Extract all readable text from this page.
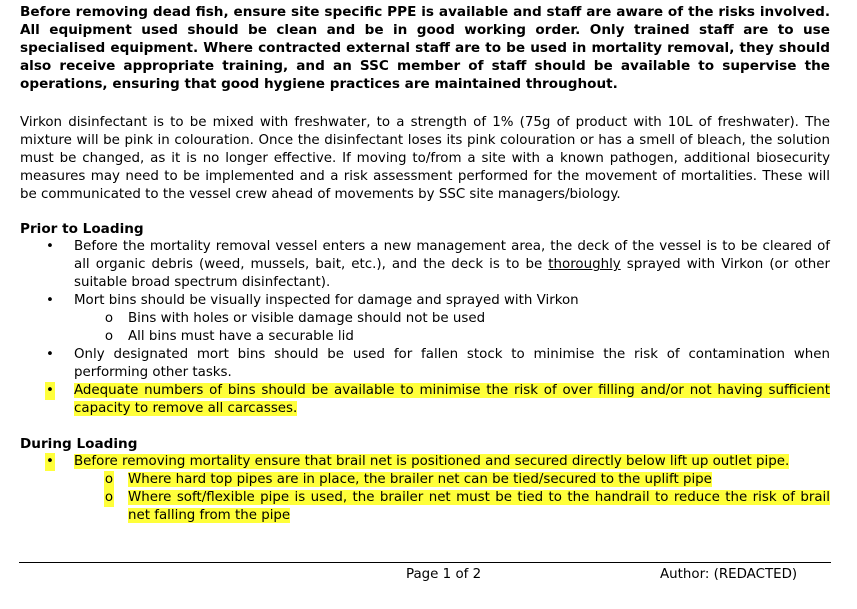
Before removing dead fish, ensure site specific PPE is available and staff are aware of the risks involved. All equipment used should be clean and be in good working order. Only trained staff are to use specialised equipment. Where contracted external staff are to be used in mortality removal, they should also receive appropriate training, and an SSC member of staff should be available to supervise the operations, ensuring that good hygiene practices are maintained throughout.

Virkon disinfectant is to be mixed with freshwater, to a strength of 1% (75g of product with 10L of freshwater). The mixture will be pink in colouration. Once the disinfectant loses its pink colouration or has a smell of bleach, the solution must be changed, as it is no longer effective. If moving to/from a site with a known pathogen, additional biosecurity measures may need to be implemented and a risk assessment performed for the movement of mortalities. These will be communicated to the vessel crew ahead of movements by SSC site managers/biology.

Prior to Loading
• Before the mortality removal vessel enters a new management area, the deck of the vessel is to be cleared of all organic debris (weed, mussels, bait, etc.), and the deck is to be thoroughly sprayed with Virkon (or other suitable broad spectrum disinfectant).
• Mort bins should be visually inspected for damage and sprayed with Virkon
o	Bins with holes or visible damage should not be used
o	All bins must have a securable lid
• Only designated mort bins should be used for fallen stock to minimise the risk of contamination when performing other tasks.
• Adequate numbers of bins should be available to minimise the risk of over filling and/or not having sufficient capacity to remove all carcasses.
During Loading
• Before removing mortality ensure that brail net is positioned and secured directly below lift up outlet pipe.
o Where hard top pipes are in place, the brailer net can be tied/secured to the uplift pipe
o Where soft/flexible pipe is used, the brailer net must be tied to the handrail to reduce the risk of brail net falling from the pipe
Page 1 of 2	Author: (REDACTED)
